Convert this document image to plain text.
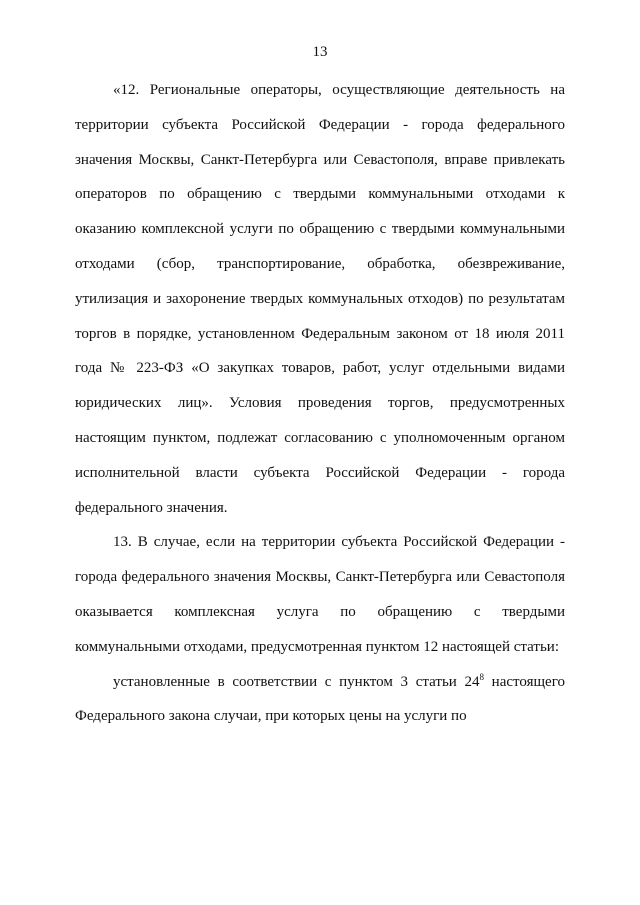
13

«12. Региональные операторы, осуществляющие деятельность на территории субъекта Российской Федерации - города федерального значения Москвы, Санкт-Петербурга или Севастополя, вправе привлекать операторов по обращению с твердыми коммунальными отходами к оказанию комплексной услуги по обращению с твердыми коммунальными отходами (сбор, транспортирование, обработка, обезвреживание, утилизация и захоронение твердых коммунальных отходов) по результатам торгов в порядке, установленном Федеральным законом от 18 июля 2011 года № 223-ФЗ «О закупках товаров, работ, услуг отдельными видами юридических лиц». Условия проведения торгов, предусмотренных настоящим пунктом, подлежат согласованию с уполномоченным органом исполнительной власти субъекта Российской Федерации - города федерального значения.

13. В случае, если на территории субъекта Российской Федерации - города федерального значения Москвы, Санкт-Петербурга или Севастополя оказывается комплексная услуга по обращению с твердыми коммунальными отходами, предусмотренная пунктом 12 настоящей статьи:

установленные в соответствии с пунктом 3 статьи $24^8$ настоящего Федерального закона случаи, при которых цены на услуги по
